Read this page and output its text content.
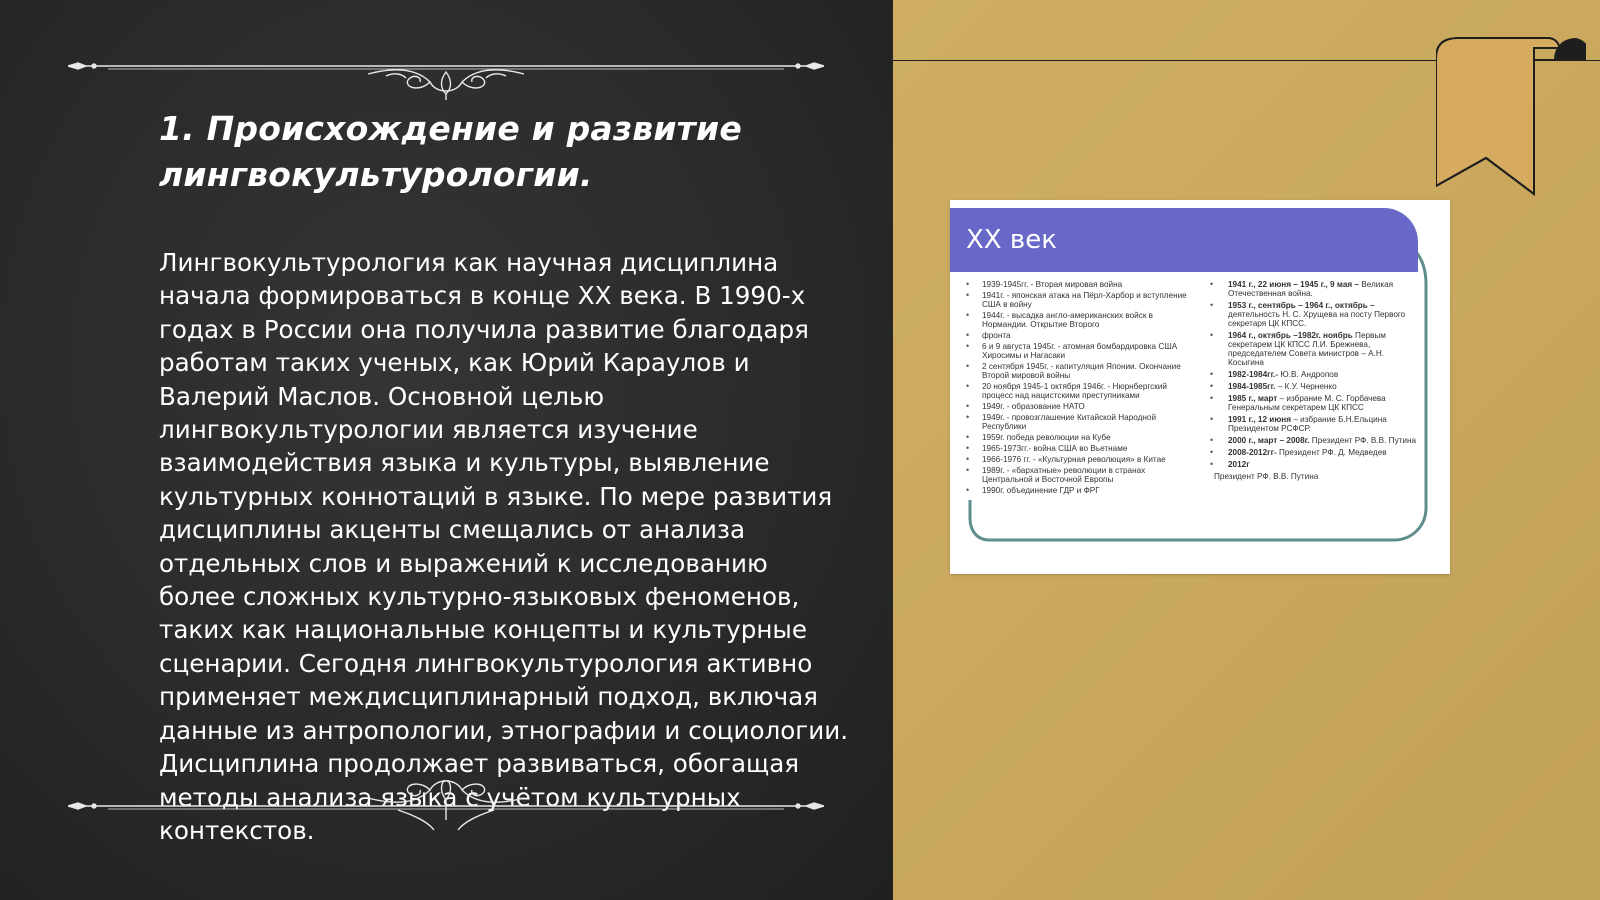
1. Происхождение и развитие лингвокультурологии.

Лингвокультурология как научная дисциплина начала формироваться в конце XX века. В 1990-х годах в России она получила развитие благодаря работам таких ученых, как Юрий Караулов и Валерий Маслов. Основной целью лингвокультурологии является изучение взаимодействия языка и культуры, выявление культурных коннотаций в языке. По мере развития дисциплины акценты смещались от анализа отдельных слов и выражений к исследованию более сложных культурно-языковых феноменов, таких как национальные концепты и культурные сценарии. Сегодня лингвокультурология активно применяет междисциплинарный подход, включая данные из антропологии, этнографии и социологии. Дисциплина продолжает развиваться, обогащая методы анализа языка с учётом культурных контекстов.

XX век
• 1939-1945гг. - Вторая мировая война
• 1941г. - японская атака на Пёрл-Харбор и вступление США в войну
• 1944г. - высадка англо-американских войск в Нормандии. Открытие Второго
• фронта
• 6 и 9 августа 1945г. - атомная бомбардировка США Хиросимы и Нагасаки
• 2 сентября 1945г. - капитуляция Японии. Окончание Второй мировой войны
• 20 ноября 1945-1 октября 1946г. - Нюрнбергский процесс над нацистскими преступниками
• 1949г. - образование НАТО
• 1949г. - провозглашение Китайской Народной Республики
• 1959г. победа революции на Кубе
• 1965-1973гг.- война США во Вьетнаме
• 1966-1976 гг. - «Культурная революция» в Китае
• 1989г. - «бархатные» революции в странах Центральной и Восточной Европы
• 1990г. объединение ГДР и ФРГ
• 1941 г., 22 июня – 1945 г., 9 мая – Великая Отечественная война.
• 1953 г., сентябрь – 1964 г., октябрь – деятельность Н. С. Хрущева на посту Первого секретаря ЦК КПСС.
• 1964 г., октябрь –1982г. ноябрь Первым секретарем ЦК КПСС Л.И. Брежнева, председателем Совета министров – А.Н. Косыгина
• 1982-1984гг.- Ю.В. Андропов
• 1984-1985гг. – К.У. Черненко
• 1985 г., март – избрание М. С. Горбачева Генеральным секретарем ЦК КПСС
• 1991 г., 12 июня – избрание Б.Н.Ельцина Президентом РСФСР.
• 2000 г., март – 2008г. Президент РФ. В.В. Путина
• 2008-2012гг- Президент РФ. Д. Медведев
• 2012г
Президент РФ. В.В. Путина
